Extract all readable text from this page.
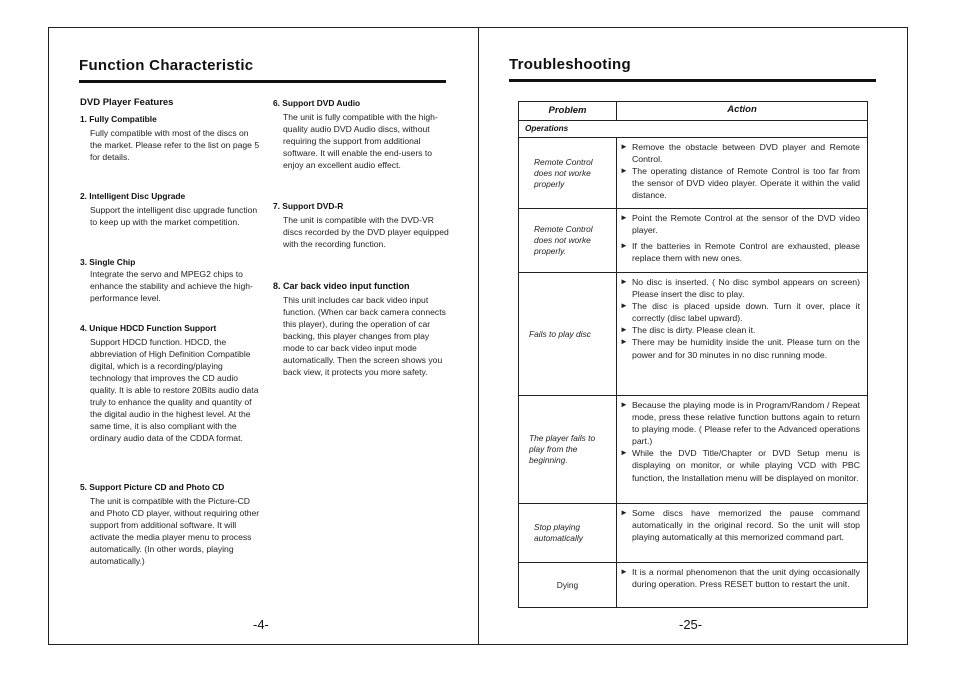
Function Characteristic
DVD Player Features
1. Fully Compatible
Fully compatible with most of the discs on the market. Please refer to the list on page 5 for details.
2. Intelligent Disc Upgrade
Support the intelligent disc upgrade function to keep up with the market competition.
3. Single Chip
Integrate the servo and MPEG2 chips to enhance the stability and achieve the high-performance level.
4. Unique HDCD Function Support
Support HDCD function. HDCD, the abbreviation of High Definition Compatible digital, which is a recording/playing technology that improves the CD audio quality. It is able to restore 20Bits audio data truly to enhance the quality and quantity of the digital audio in the highest level. At the same time, it is also compliant with the ordinary audio data of the CDDA format.
5. Support Picture CD and Photo CD
The unit is compatible with the Picture-CD and Photo CD player, without requiring other support from additional software. It will activate the media player menu to process automatically. (In other words, playing automatically.)
6. Support DVD Audio
The unit is fully compatible with the high-quality audio DVD Audio discs, without requiring the support from additional software. It will enable the end-users to enjoy an excellent audio effect.
7. Support DVD-R
The unit is compatible with the DVD-VR discs recorded by the DVD player equipped with the recording function.
8. Car back video input function
This unit includes car back video input function. (When car back camera connects this player), during the operation of car backing, this player changes from play mode to car back video input mode automatically. Then the screen shows you back view, it protects you more safety.
-4-
Troubleshooting
Problem	Action
Operations
Remote Control does not worke properly
► Remove the obstacle between DVD player and Remote Control.
► The operating distance of Remote Control is too far from the sensor of DVD video player. Operate it within the valid distance.
Remote Control does not worke properly.
► Point the Remote Control at the sensor of the DVD video player.
► If the batteries in Remote Control are exhausted, please replace them with new ones.
Fails to play disc
► No disc is inserted. ( No disc symbol appears on screen) Please insert the disc to play.
► The disc is placed upside down. Turn it over, place it correctly (disc label upward).
► The disc is dirty. Please clean it.
► There may be humidity inside the unit. Please turn on the power and for 30 minutes in no disc running mode.
The player fails to play from the beginning.
► Because the playing mode is in Program/Random / Repeat mode, press these relative function buttons again to return to playing mode. ( Please refer to the Advanced operations part.)
► While the DVD Title/Chapter or DVD Setup menu is displaying on monitor, or while playing VCD with PBC function, the Installation menu will be displayed on monitor.
Stop playing automatically
► Some discs have memorized the pause command automatically in the original record. So the unit will stop playing automatically at this memorized command part.
Dying
► It is a normal phenomenon that the unit dying occasionally during operation. Press RESET button to restart the unit.
-25-
